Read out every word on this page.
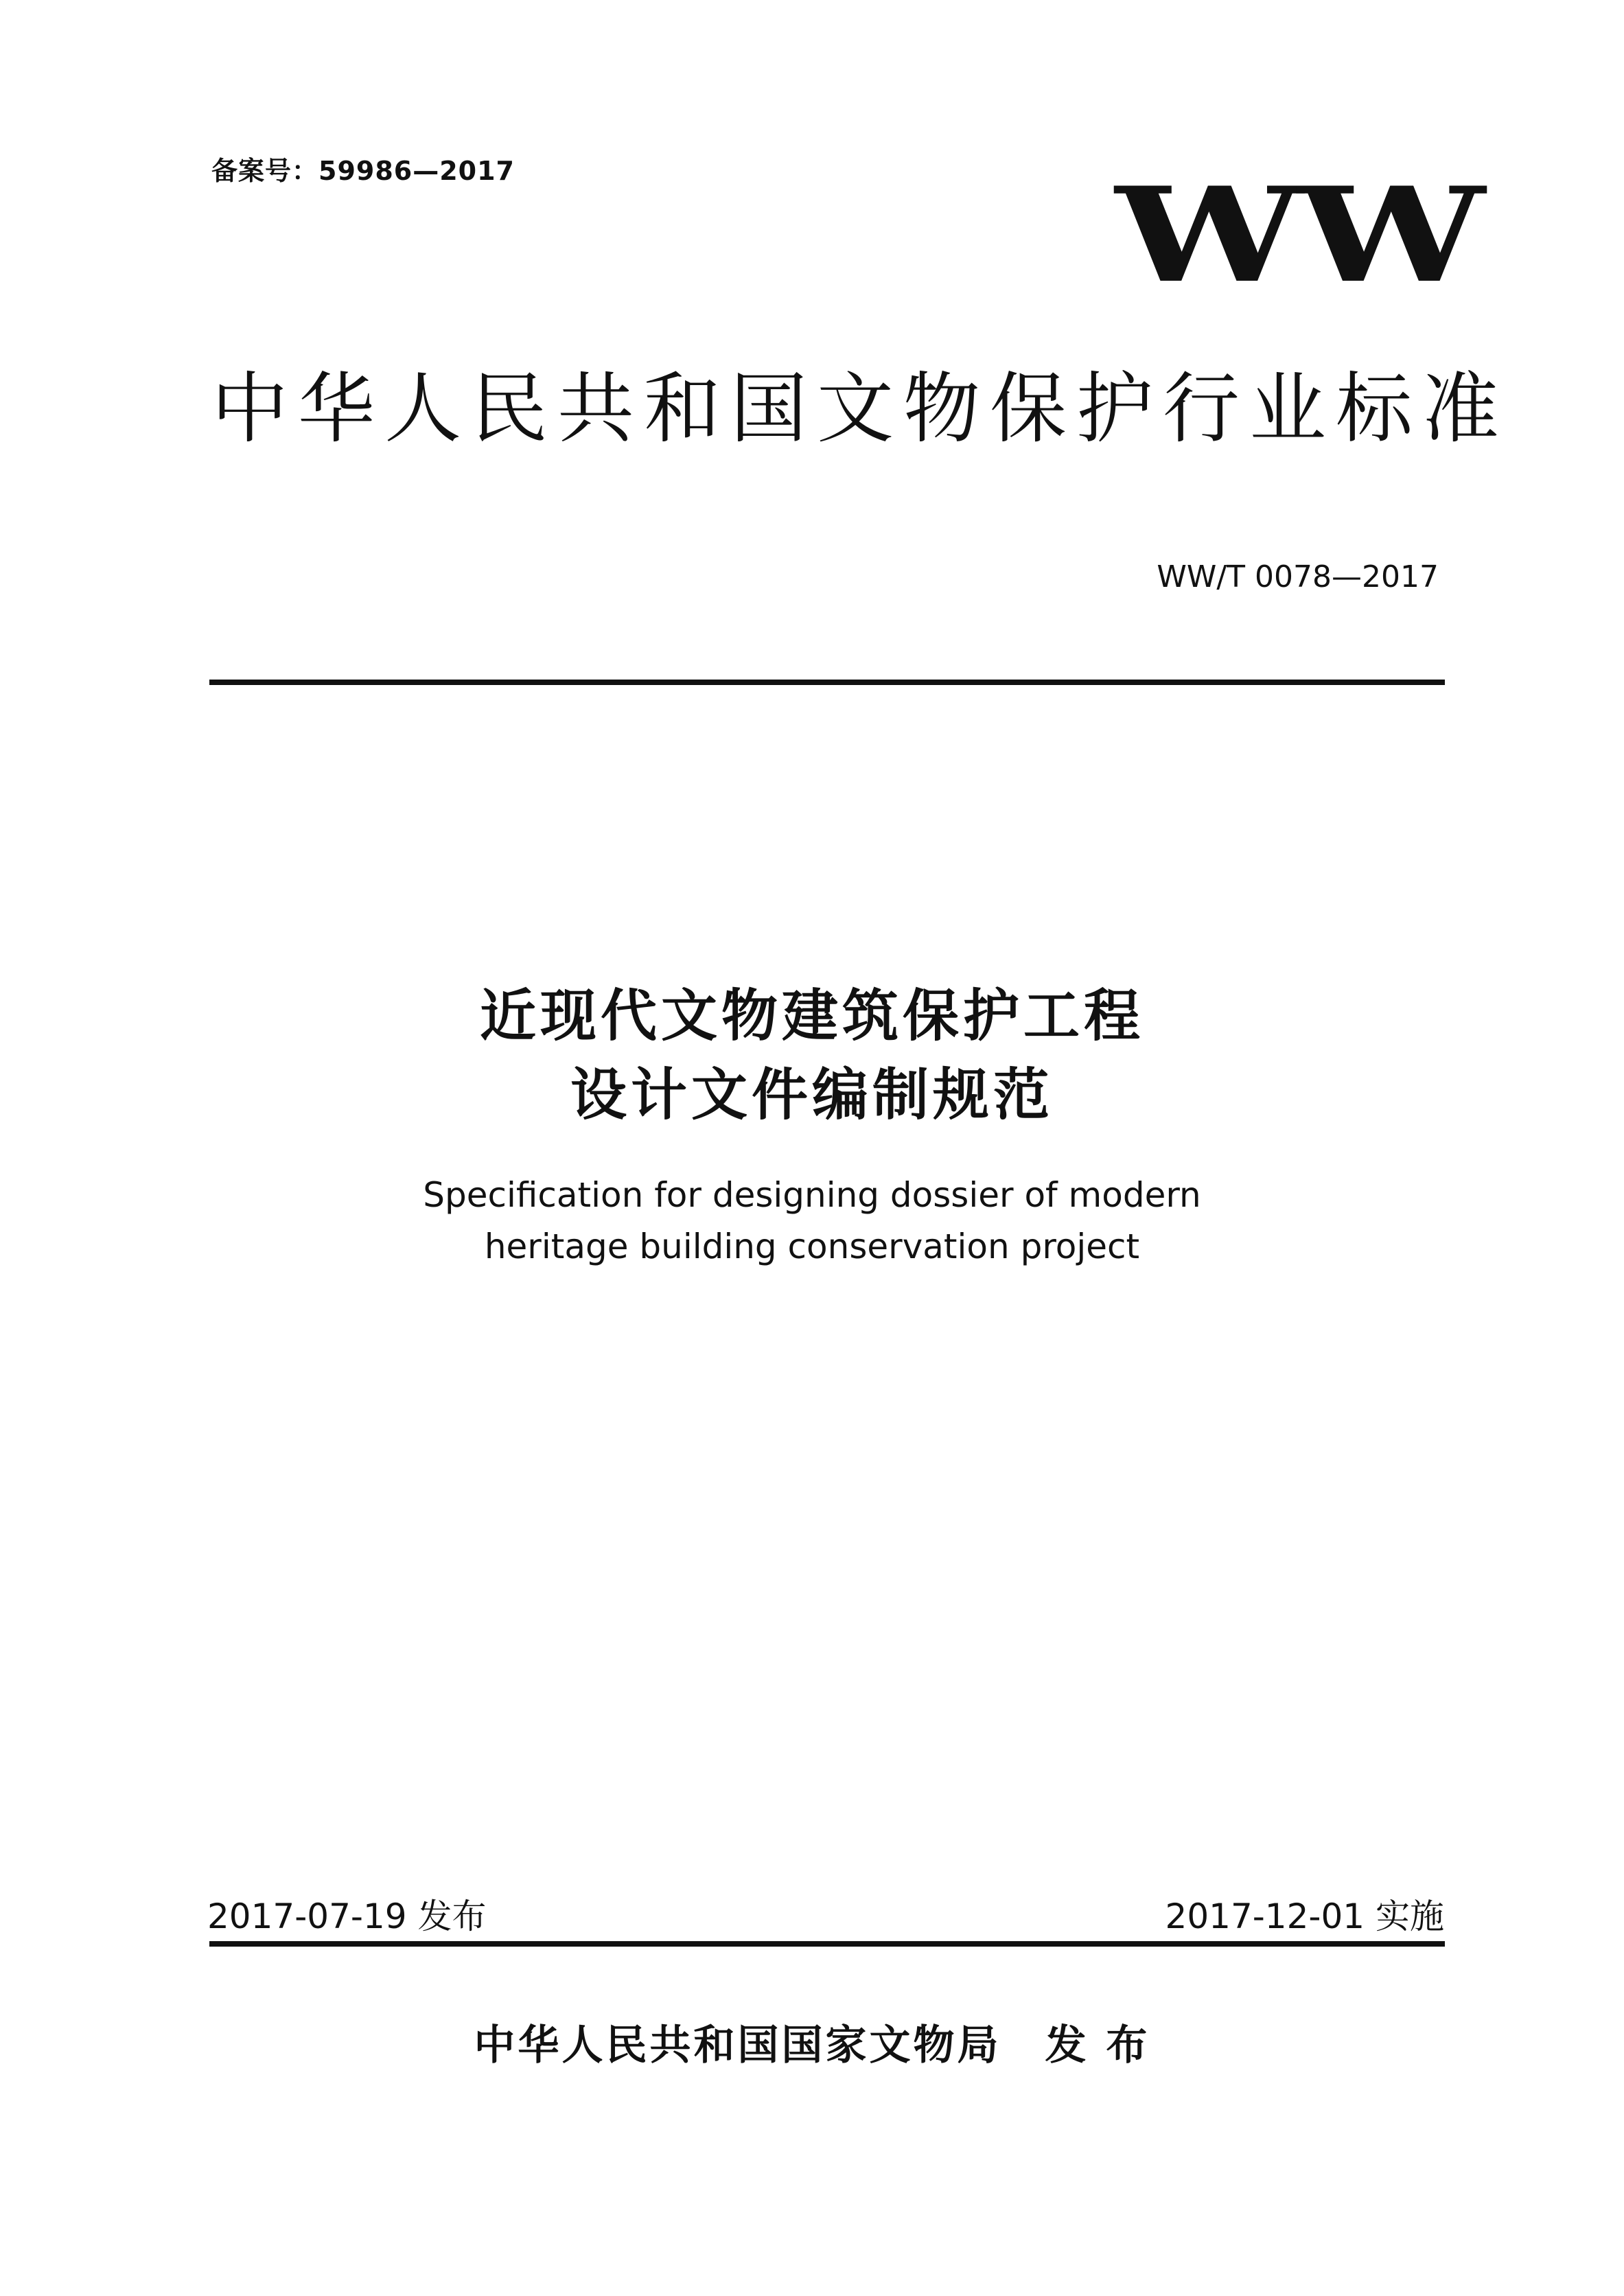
备案号：59986—2017	WW
中华人民共和国文物保护行业标准
WW/T 0078—2017
近现代文物建筑保护工程
设计文件编制规范
Specification for designing dossier of modern
heritage building conservation project
2017-07-19 发布	2017-12-01 实施
中华人民共和国国家文物局　发 布
